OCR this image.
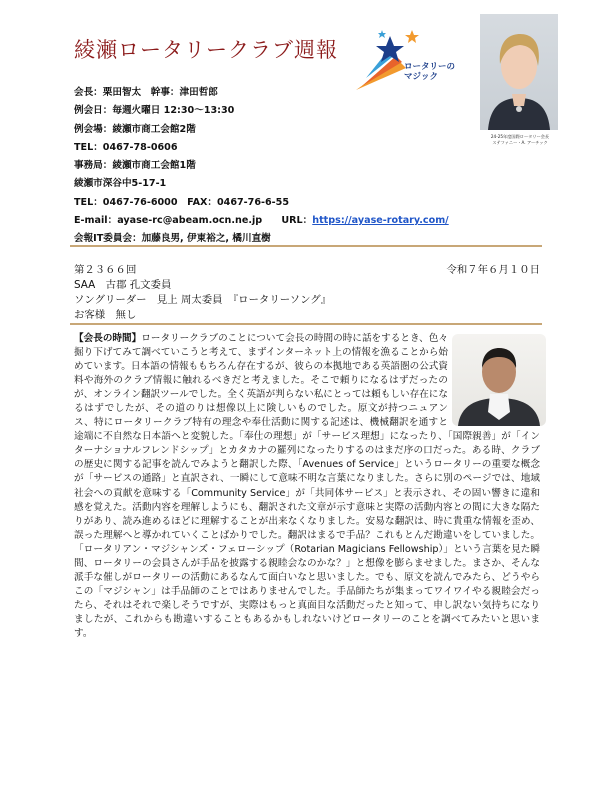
綾瀬ロータリークラブ週報
ロータリーの
マジック
24-25年度国際ロータリー会長
ステファニー・A. アーチック
会長：栗田智太　幹事：津田哲郎
例会日：毎週火曜日 12:30～13:30
例会場：綾瀬市商工会館2階
TEL：0467-78-0606
事務局：綾瀬市商工会館1階
綾瀬市深谷中5-17-1
TEL：0467-76-6000　FAX：0467-76-6-55
E-mail：ayase-rc@abeam.ocn.ne.jp　　 URL：https://ayase-rotary.com/
会報IT委員会：加藤良男, 伊東裕之, 橘川直樹
第２３６６回	令和７年６月１０日
SAA　古郡 孔文委員
ソングリーダー　見上 周太委員　『ロータリーソング』
お客様　無し
【会長の時間】ロータリークラブのことについて会長の時間の時に話をするとき、色々掘り下げてみて調べていこうと考えて、まずインターネット上の情報を漁ることから始めています。日本語の情報ももちろん存在するが、彼らの本拠地である英語圏の公式資料や海外のクラブ情報に触れるべきだと考えました。そこで頼りになるはずだったのが、オンライン翻訳ツールでした。全く英語が判らない私にとっては頼もしい存在になるはずでしたが、その道のりは想像以上に険しいものでした。原文が持つニュアンス、特にロータリークラブ特有の理念や奉仕活動に関する記述は、機械翻訳を通すと途端に不自然な日本語へと変貌した。「奉仕の理想」が「サービス理想」になったり、「国際親善」が「インターナショナルフレンドシップ」とカタカナの羅列になったりするのはまだ序の口だった。ある時、クラブの歴史に関する記事を読んでみようと翻訳した際、「Avenues of Service」というロータリーの重要な概念が「サービスの通路」と直訳され、一瞬にして意味不明な言葉になりました。さらに別のページでは、地域社会への貢献を意味する「Community Service」が「共同体サービス」と表示され、その固い響きに違和感を覚えた。活動内容を理解しようにも、翻訳された文章が示す意味と実際の活動内容との間に大きな隔たりがあり、読み進めるほどに理解することが出来なくなりました。安易な翻訳は、時に貴重な情報を歪め、誤った理解へと導かれていくことばかりでした。翻訳はまるで手品？これもとんだ勘違いをしていました。「ロータリアン・マジシャンズ・フェローシップ（Rotarian Magicians Fellowship）」という言葉を見た瞬間、ロータリーの会員さんが手品を披露する親睦会なのかな？」と想像を膨らませました。まさか、そんな派手な催しがロータリーの活動にあるなんて面白いなと思いました。でも、原文を読んでみたら、どうやらこの「マジシャン」は手品師のことではありませんでした。手品師たちが集まってワイワイやる親睦会だったら、それはそれで楽しそうですが、実際はもっと真面目な活動だったと知って、申し訳ない気持ちになりましたが、これからも勘違いすることもあるかもしれないけどロータリーのことを調べてみたいと思います。
